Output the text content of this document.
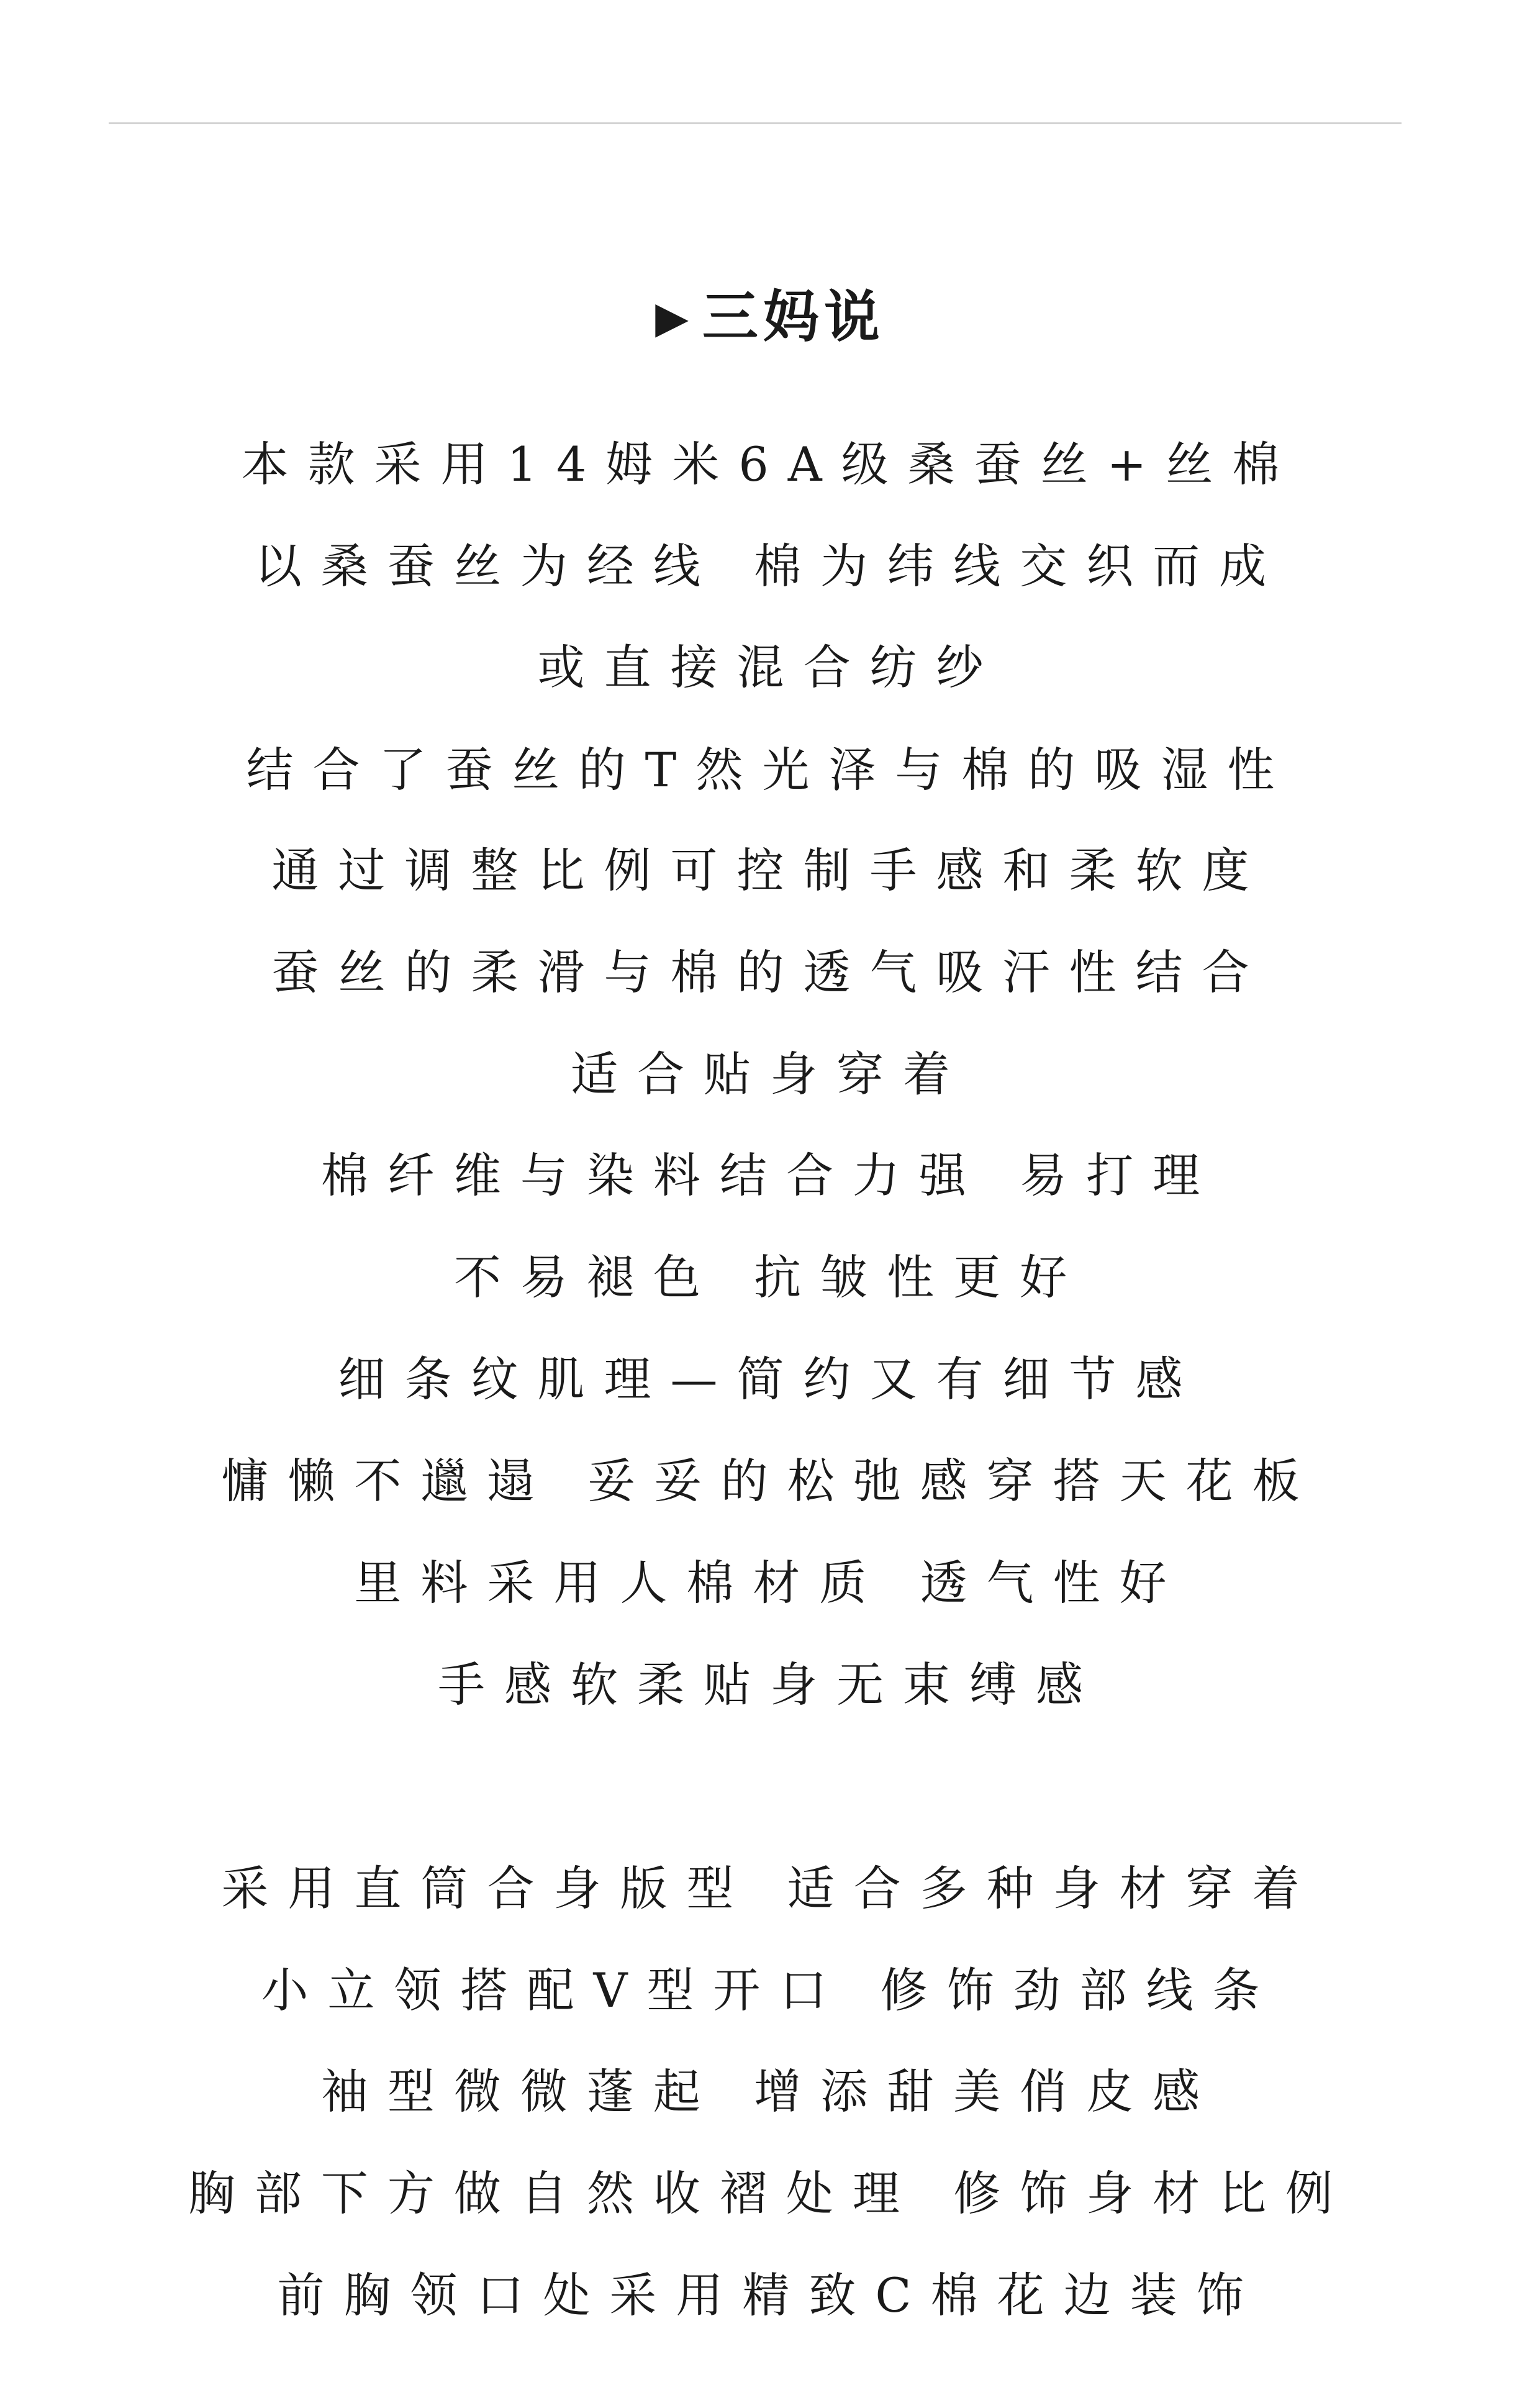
▶ 三妈说
本款采用14姆米6A级桑蚕丝+丝棉
以桑蚕丝为经线 棉为纬线交织而成
或直接混合纺纱
结合了蚕丝的T然光泽与棉的吸湿性
通过调整比例可控制手感和柔软度
蚕丝的柔滑与棉的透气吸汗性结合
适合贴身穿着
棉纤维与染料结合力强 易打理
不易褪色 抗皱性更好
细条纹肌理—简约又有细节感
慵懒不邋遢 妥妥的松弛感穿搭天花板
里料采用人棉材质 透气性好
手感软柔贴身无束缚感
采用直筒合身版型 适合多种身材穿着
小立领搭配V型开口 修饰劲部线条
袖型微微蓬起 增添甜美俏皮感
胸部下方做自然收褶处理 修饰身材比例
前胸领口处采用精致C棉花边装饰
